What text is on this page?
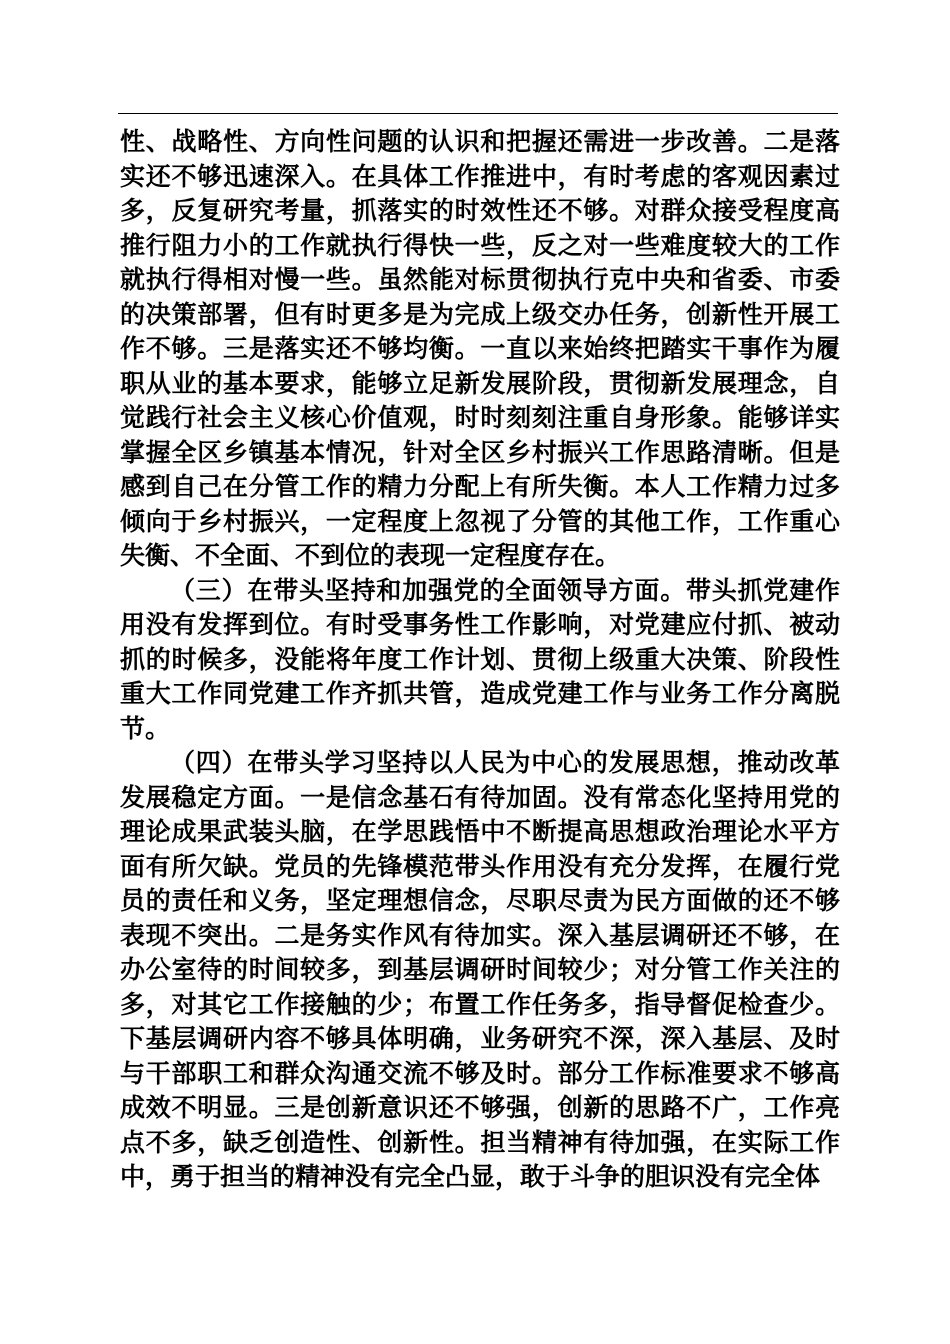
性、战略性、方向性问题的认识和把握还需进一步改善。二是落实还不够迅速深入。在具体工作推进中，有时考虑的客观因素过多，反复研究考量，抓落实的时效性还不够。对群众接受程度高推行阻力小的工作就执行得快一些，反之对一些难度较大的工作就执行得相对慢一些。虽然能对标贯彻执行克中央和省委、市委的决策部署，但有时更多是为完成上级交办任务，创新性开展工作不够。三是落实还不够均衡。一直以来始终把踏实干事作为履职从业的基本要求，能够立足新发展阶段，贯彻新发展理念，自觉践行社会主义核心价值观，时时刻刻注重自身形象。能够详实掌握全区乡镇基本情况，针对全区乡村振兴工作思路清晰。但是感到自己在分管工作的精力分配上有所失衡。本人工作精力过多倾向于乡村振兴，一定程度上忽视了分管的其他工作，工作重心失衡、不全面、不到位的表现一定程度存在。

（三）在带头坚持和加强党的全面领导方面。带头抓党建作用没有发挥到位。有时受事务性工作影响，对党建应付抓、被动抓的时候多，没能将年度工作计划、贯彻上级重大决策、阶段性重大工作同党建工作齐抓共管，造成党建工作与业务工作分离脱节。

（四）在带头学习坚持以人民为中心的发展思想，推动改革发展稳定方面。一是信念基石有待加固。没有常态化坚持用党的理论成果武装头脑，在学思践悟中不断提高思想政治理论水平方面有所欠缺。党员的先锋模范带头作用没有充分发挥，在履行党员的责任和义务，坚定理想信念，尽职尽责为民方面做的还不够表现不突出。二是务实作风有待加实。深入基层调研还不够，在办公室待的时间较多，到基层调研时间较少；对分管工作关注的多，对其它工作接触的少；布置工作任务多，指导督促检查少。下基层调研内容不够具体明确，业务研究不深，深入基层、及时与干部职工和群众沟通交流不够及时。部分工作标准要求不够高成效不明显。三是创新意识还不够强，创新的思路不广，工作亮点不多，缺乏创造性、创新性。担当精神有待加强，在实际工作中，勇于担当的精神没有完全凸显，敢于斗争的胆识没有完全体
